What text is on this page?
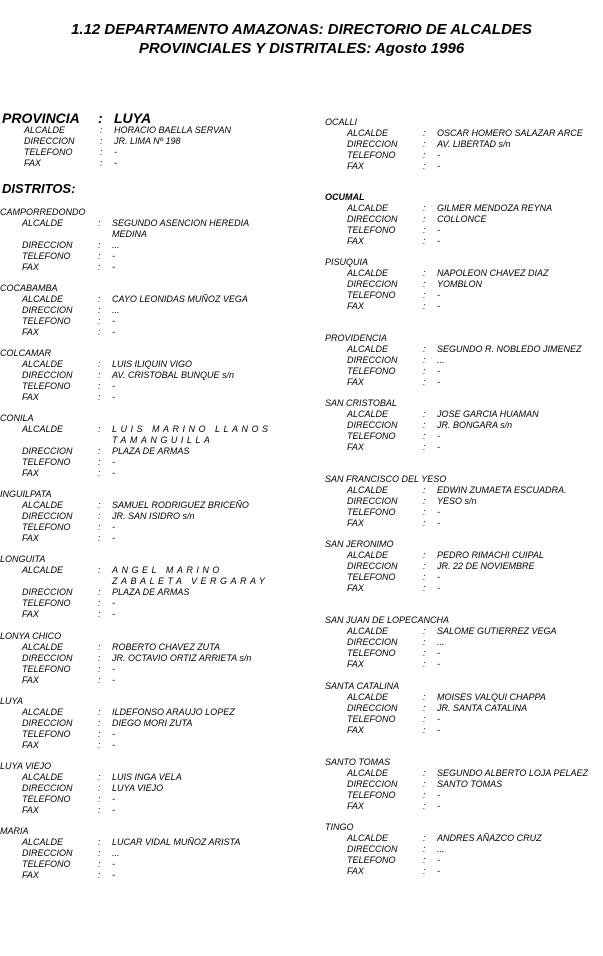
1.12 DEPARTAMENTO AMAZONAS: DIRECTORIO DE ALCALDES
PROVINCIALES Y DISTRITALES: Agosto 1996
PROVINCIA : LUYA
ALCALDE	:	HORACIO BAELLA SERVAN
DIRECCION	:	JR. LIMA Nº 198
TELEFONO	:	-
FAX	:	-
DISTRITOS:
CAMPORREDONDO
ALCALDE	:	SEGUNDO ASENCION HEREDIA MEDINA
DIRECCION	:	...
TELEFONO	:	-
FAX	:	-
COCABAMBA
ALCALDE	:	CAYO LEONIDAS MUÑOZ VEGA
DIRECCION	:	...
TELEFONO	:	-
FAX	:	-
COLCAMAR
ALCALDE	:	LUIS ILIQUIN VIGO
DIRECCION	:	AV. CRISTOBAL BUNQUE s/n
TELEFONO	:	-
FAX	:	-
CONILA
ALCALDE	:	LUIS MARINO LLANOS TAMANGUILLA
DIRECCION	:	PLAZA DE ARMAS
TELEFONO	:	-
FAX	:	-
INGUILPATA
ALCALDE	:	SAMUEL RODRIGUEZ BRICEÑO
DIRECCION	:	JR. SAN ISIDRO s/n
TELEFONO	:	-
FAX	:	-
LONGUITA
ALCALDE	:	ANGEL MARINO ZABALETA VERGARAY
DIRECCION	:	PLAZA DE ARMAS
TELEFONO	:	-
FAX	:	-
LONYA CHICO
ALCALDE	:	ROBERTO CHAVEZ ZUTA
DIRECCION	:	JR. OCTAVIO ORTIZ ARRIETA s/n
TELEFONO	:	-
FAX	:	-
LUYA
ALCALDE	:	ILDEFONSO ARAUJO LOPEZ
DIRECCION	:	DIEGO MORI ZUTA
TELEFONO	:	-
FAX	:	-
LUYA VIEJO
ALCALDE	:	LUIS INGA VELA
DIRECCION	:	LUYA VIEJO
TELEFONO	:	-
FAX	:	-
MARIA
ALCALDE	:	LUCAR VIDAL MUÑOZ ARISTA
DIRECCION	:	...
TELEFONO	:	-
FAX	:	-
OCALLI
ALCALDE	:	OSCAR HOMERO SALAZAR ARCE
DIRECCION	:	AV. LIBERTAD s/n
TELEFONO	:	-
FAX	:	-
OCUMAL
ALCALDE	:	GILMER MENDOZA REYNA
DIRECCION	:	COLLONCE
TELEFONO	:	-
FAX	:	-
PISUQUIA
ALCALDE	:	NAPOLEON CHAVEZ DIAZ
DIRECCION	:	YOMBLON
TELEFONO	:	-
FAX	:	-
PROVIDENCIA
ALCALDE	:	SEGUNDO R. NOBLEDO JIMENEZ
DIRECCION	:	...
TELEFONO	:	-
FAX	:	-
SAN CRISTOBAL
ALCALDE	:	JOSE GARCIA HUAMAN
DIRECCION	:	JR. BONGARA s/n
TELEFONO	:	-
FAX	:	-
SAN FRANCISCO DEL YESO
ALCALDE	:	EDWIN ZUMAETA ESCUADRA.
DIRECCION	:	YESO s/n
TELEFONO	:	-
FAX	:	-
SAN JERONIMO
ALCALDE	:	PEDRO RIMACHI CUIPAL
DIRECCION	:	JR. 22 DE NOVIEMBRE
TELEFONO	:	-
FAX	:	-
SAN JUAN DE LOPECANCHA
ALCALDE	:	SALOME GUTIERREZ VEGA
DIRECCION	:	...
TELEFONO	:	-
FAX	:	-
SANTA CATALINA
ALCALDE	:	MOISES VALQUI CHAPPA
DIRECCION	:	JR. SANTA CATALINA
TELEFONO	:	-
FAX	:	-
SANTO TOMAS
ALCALDE	:	SEGUNDO ALBERTO LOJA PELAEZ
DIRECCION	:	SANTO TOMAS
TELEFONO	:	-
FAX	:	-
TINGO
ALCALDE	:	ANDRES AÑAZCO CRUZ
DIRECCION	:	...
TELEFONO	:	-
FAX	:	-
